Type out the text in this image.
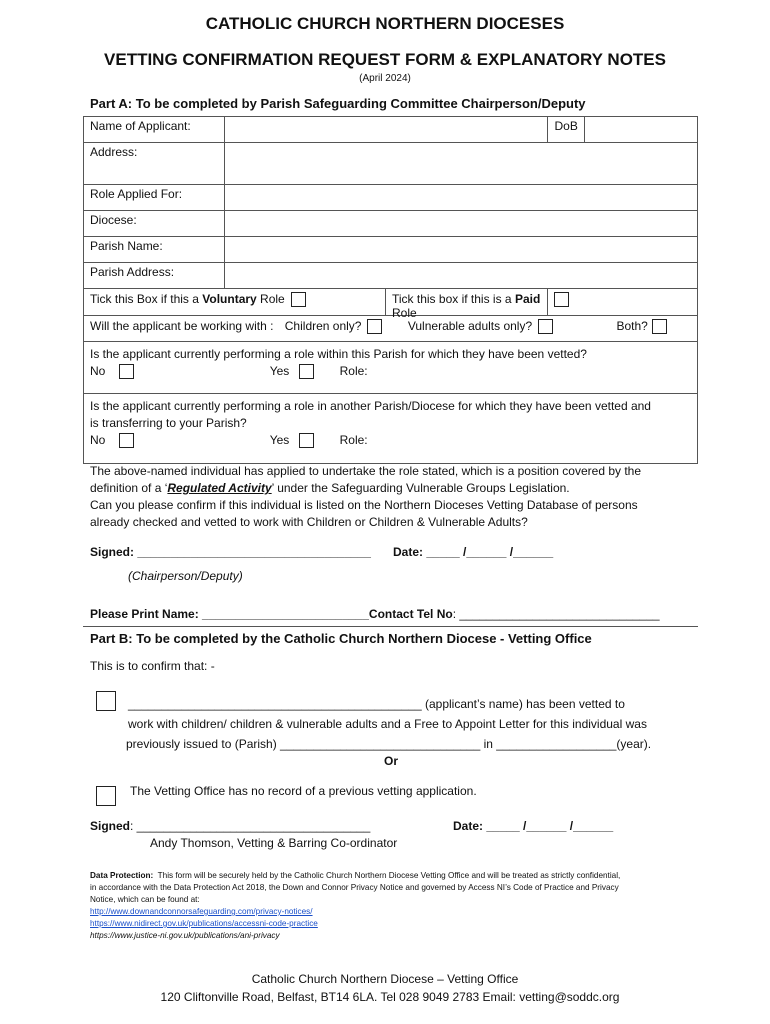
CATHOLIC CHURCH NORTHERN DIOCESES
VETTING CONFIRMATION REQUEST FORM & EXPLANATORY NOTES
(April 2024)
Part A: To be completed by Parish Safeguarding Committee Chairperson/Deputy
Name of Applicant:		DoB	
Address:			
Role Applied For:			
Diocese:			
Parish Name:			
Parish Address:			

Tick this Box if this a Voluntary Role Tick this box if this is a Paid Role			

Will the applicant be working with : Children only? Vulnerable adults only? Both?			

Is the applicant currently performing a role within this Parish for which they have been vetted?
No Yes Role:			

Is the applicant currently performing a role in another Parish/Diocese for which they have been vetted and
is transferring to your Parish?
No Yes Role:			
The above-named individual has applied to undertake the role stated, which is a position covered by the
definition of a ‘Regulated Activity’ under the Safeguarding Vulnerable Groups Legislation.
Can you please confirm if this individual is listed on the Northern Dioceses Vetting Database of persons
already checked and vetted to work with Children or Children & Vulnerable Adults?
Signed: ___________________________________ Date: _____ /______ /______
(Chairperson/Deputy)
Please Print Name: _________________________Contact Tel No: ______________________________
Part B: To be completed by the Catholic Church Northern Diocese - Vetting Office
This is to confirm that: -
____________________________________________ (applicant’s name) has been vetted to
work with children/ children & vulnerable adults and a Free to Appoint Letter for this individual was
previously issued to (Parish) ______________________________ in __________________(year).
Or
The Vetting Office has no record of a previous vetting application.
Signed: ___________________________________	Date: _____ /______ /______
Andy Thomson, Vetting & Barring Co-ordinator
Data Protection: This form will be securely held by the Catholic Church Northern Diocese Vetting Office and will be treated as strictly confidential,
in accordance with the Data Protection Act 2018, the Down and Connor Privacy Notice and governed by Access NI’s Code of Practice and Privacy
Notice, which can be found at:
http://www.downandconnorsafeguarding.com/privacy-notices/
https://www.nidirect.gov.uk/publications/accessni-code-practice
https://www.justice-ni.gov.uk/publications/ani-privacy
Catholic Church Northern Diocese – Vetting Office
120 Cliftonville Road, Belfast, BT14 6LA. Tel 028 9049 2783 Email: vetting@soddc.org
